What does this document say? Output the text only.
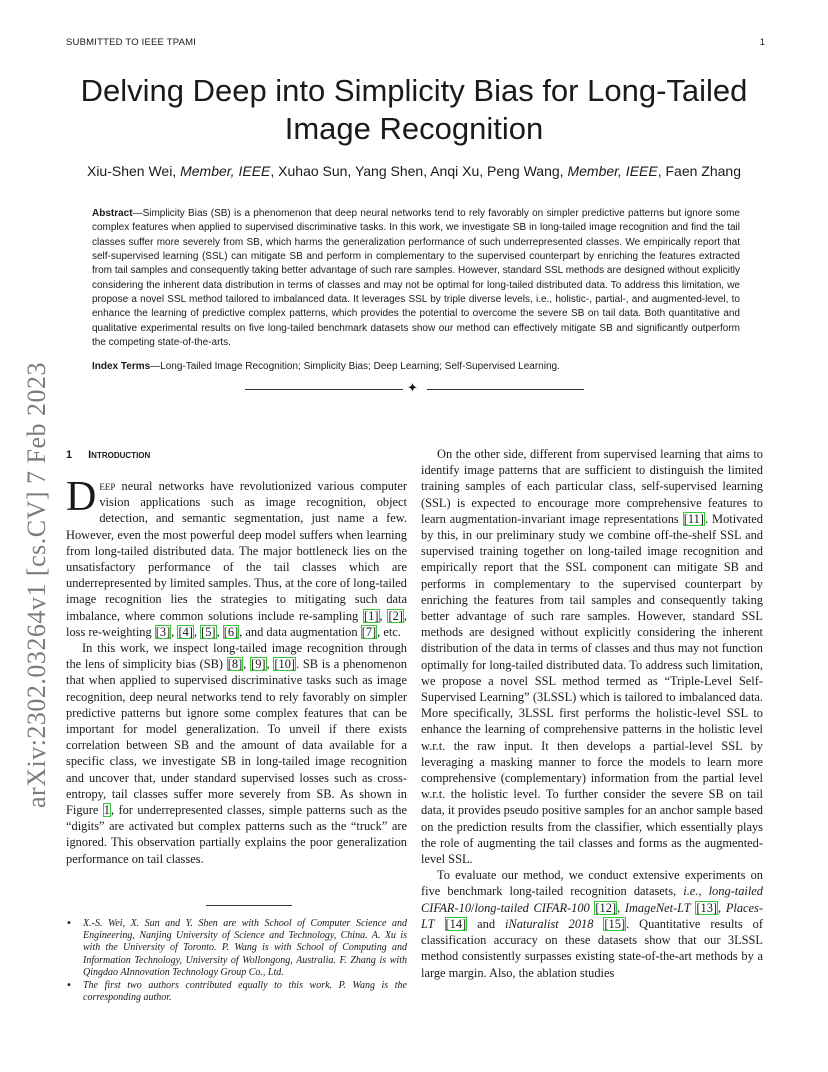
SUBMITTED TO IEEE TPAMI	1
arXiv:2302.03264v1 [cs.CV] 7 Feb 2023
Delving Deep into Simplicity Bias for Long-Tailed Image Recognition
Xiu-Shen Wei, Member, IEEE, Xuhao Sun, Yang Shen, Anqi Xu, Peng Wang, Member, IEEE, Faen Zhang

Abstract—Simplicity Bias (SB) is a phenomenon that deep neural networks tend to rely favorably on simpler predictive patterns but ignore some complex features when applied to supervised discriminative tasks. In this work, we investigate SB in long-tailed image recognition and find the tail classes suffer more severely from SB, which harms the generalization performance of such underrepresented classes. We empirically report that self-supervised learning (SSL) can mitigate SB and perform in complementary to the supervised counterpart by enriching the features extracted from tail samples and consequently taking better advantage of such rare samples. However, standard SSL methods are designed without explicitly considering the inherent data distribution in terms of classes and may not be optimal for long-tailed distributed data. To address this limitation, we propose a novel SSL method tailored to imbalanced data. It leverages SSL by triple diverse levels, i.e., holistic-, partial-, and augmented-level, to enhance the learning of predictive complex patterns, which provides the potential to overcome the severe SB on tail data. Both quantitative and qualitative experimental results on five long-tailed benchmark datasets show our method can effectively mitigate SB and significantly outperform the competing state-of-the-arts.

Index Terms—Long-Tailed Image Recognition; Simplicity Bias; Deep Learning; Self-Supervised Learning.

✦
1 Introduction

Deep neural networks have revolutionized various computer vision applications such as image recognition, object detection, and semantic segmentation, just name a few. However, even the most powerful deep model suffers when learning from long-tailed distributed data. The major bottleneck lies on the unsatisfactory performance of the tail classes which are underrepresented by limited samples. Thus, at the core of long-tailed image recognition lies the strategies to mitigating such data imbalance, where common solutions include re-sampling [1], [2], loss re-weighting [3], [4], [5], [6], and data augmentation [7], etc.

In this work, we inspect long-tailed image recognition through the lens of simplicity bias (SB) [8], [9], [10]. SB is a phenomenon that when applied to supervised discriminative tasks such as image recognition, deep neural networks tend to rely favorably on simpler predictive patterns but ignore some complex features that can be important for model generalization. To unveil if there exists correlation between SB and the amount of data available for a specific class, we investigate SB in long-tailed image recognition and uncover that, under standard supervised losses such as cross-entropy, tail classes suffer more severely from SB. As shown in Figure 1, for underrepresented classes, simple patterns such as the “digits” are activated but complex patterns such as the “truck” are ignored. This observation partially explains the poor generalization performance on tail classes.

• X.-S. Wei, X. Sun and Y. Shen are with School of Computer Science and Engineering, Nanjing University of Science and Technology, China. A. Xu is with the University of Toronto. P. Wang is with School of Computing and Information Technology, University of Wollongong, Australia. F. Zhang is with Qingdao AInnovation Technology Group Co., Ltd.
• The first two authors contributed equally to this work. P. Wang is the corresponding author.

On the other side, different from supervised learning that aims to identify image patterns that are sufficient to distinguish the limited training samples of each particular class, self-supervised learning (SSL) is expected to encourage more comprehensive features to learn augmentation-invariant image representations [11]. Motivated by this, in our preliminary study we combine off-the-shelf SSL and supervised training together on long-tailed image recognition and empirically report that the SSL component can mitigate SB and performs in complementary to the supervised counterpart by enriching the features from tail samples and consequently taking better advantage of such rare samples. However, standard SSL methods are designed without explicitly considering the inherent distribution of the data in terms of classes and thus may not function optimally for long-tailed distributed data. To address such limitation, we propose a novel SSL method termed as “Triple-Level Self-Supervised Learning” (3LSSL) which is tailored to imbalanced data. More specifically, 3LSSL first performs the holistic-level SSL to enhance the learning of comprehensive patterns in the holistic level w.r.t. the raw input. It then develops a partial-level SSL by leveraging a masking manner to force the models to learn more comprehensive (complementary) information from the partial level w.r.t. the holistic level. To further consider the severe SB on tail data, it provides pseudo positive samples for an anchor sample based on the prediction results from the classifier, which essentially plays the role of augmenting the tail classes and forms as the augmented-level SSL.

To evaluate our method, we conduct extensive experiments on five benchmark long-tailed recognition datasets, i.e., long-tailed CIFAR-10/long-tailed CIFAR-100 [12], ImageNet-LT [13], Places-LT [14] and iNaturalist 2018 [15]. Quantitative results of classification accuracy on these datasets show that our 3LSSL method consistently surpasses existing state-of-the-art methods by a large margin. Also, the ablation studies
